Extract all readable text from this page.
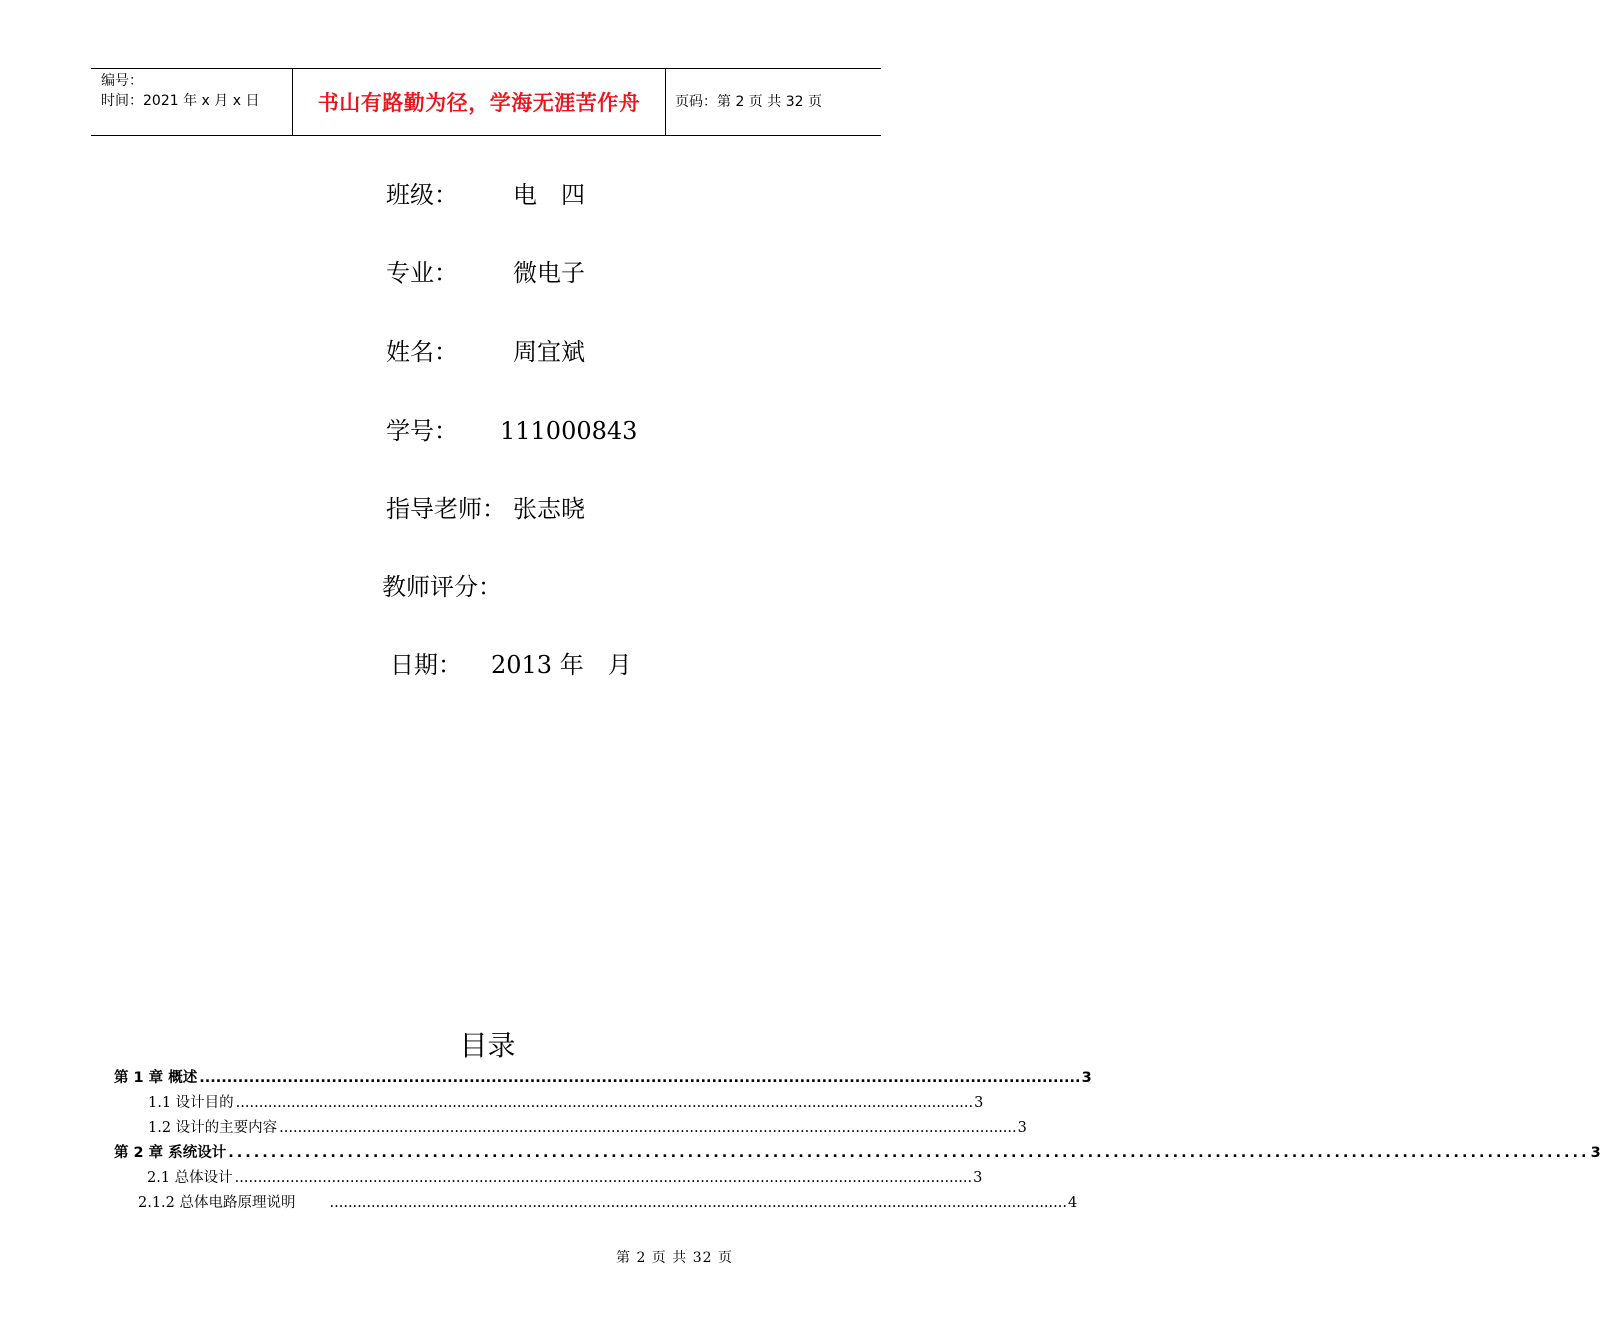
编号：
时间：2021 年 x 月 x 日	书山有路勤为径，学海无涯苦作舟	页码：第 2 页 共 32 页
班级： 电　四
专业： 微电子
姓名： 周宜斌
学号： 111000843
指导老师： 张志晓
教师评分：
日期： 2013 年　月
目录
第 1 章 概述 ................................................................................................................................................................ 3
1.1 设计目的 ................................................................................................................................................................ 3
1.2 设计的主要内容 ................................................................................................................................................................ 3
第 2 章 系统设计 ................................................................................................................................................................ 3
2.1 总体设计 ................................................................................................................................................................ 3
2.1.2 总体电路原理说明	................................................................................................................................................................ 4
第 2 页 共 32 页
